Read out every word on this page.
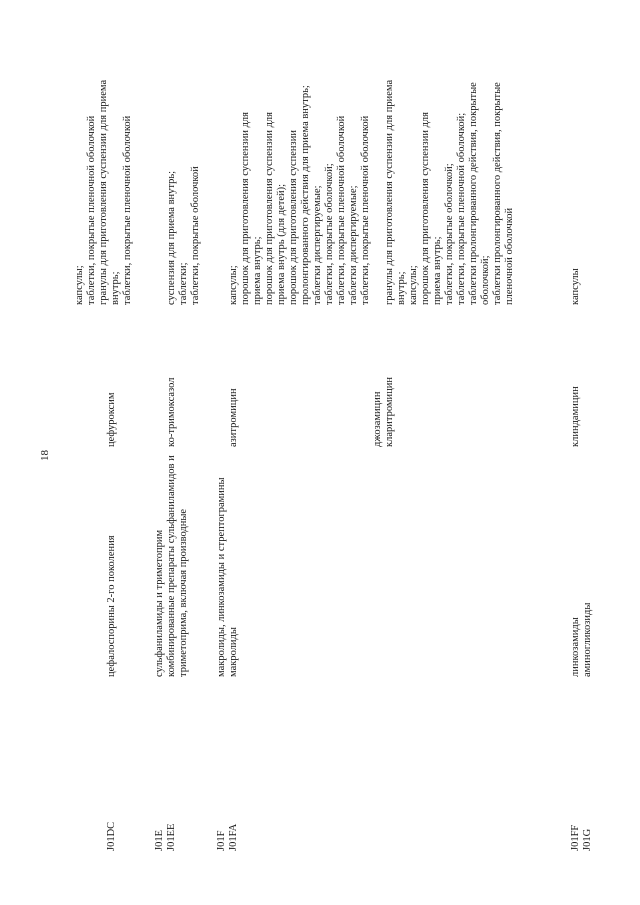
18
J01DC
цефалоспорины 2-го поколения
цефуроксим
капсулы; таблетки, покрытые пленочной оболочкой гранулы для приготовления суспензии для приема внутрь; таблетки, покрытые пленочной оболочкой
J01E
сульфаниламиды и триметоприм
J01EE
комбинированные препараты сульфаниламидов и триметоприма, включая производные
ко-тримоксазол
суспензия для приема внутрь; таблетки; таблетки, покрытые оболочкой
J01F
макролиды, линкозамиды и стрептограмины
J01FA
макролиды
азитромицин
капсулы; порошок для приготовления суспензии для приема внутрь; порошок для приготовления суспензии для приема внутрь (для детей); порошок для приготовления суспензии пролонгированного действия для приема внутрь; таблетки диспергируемые; таблетки, покрытые оболочкой; таблетки, покрытые пленочной оболочкой
джозамицин
таблетки диспергируемые; таблетки, покрытые пленочной оболочкой
кларитромицин
гранулы для приготовления суспензии для приема внутрь; капсулы; порошок для приготовления суспензии для приема внутрь; таблетки, покрытые оболочкой; таблетки, покрытые пленочной оболочкой; таблетки пролонгированного действия, покрытые оболочкой; таблетки пролонгированного действия, покрытые пленочной оболочкой
J01FF
линкозамиды
клиндамицин
капсулы
J01G
аминогликозиды
